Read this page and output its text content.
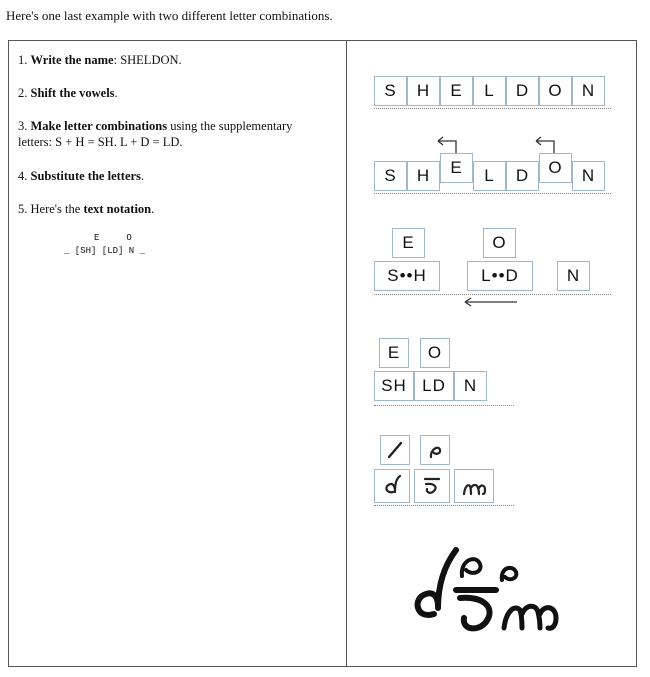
Here's one last example with two different letter combinations.
1. Write the name: SHELDON.
2. Shift the vowels.
3. Make letter combinations using the supplementary letters: S + H = SH. L + D = LD.
4. Substitute the letters.
5. Here's the text notation.
E     O
_ [SH] [LD] N _
S	H	E	L	D	O	N
S	H	E	L	D	O	N
E	O
S••H	L••D	N
E	O
SH LD	N
